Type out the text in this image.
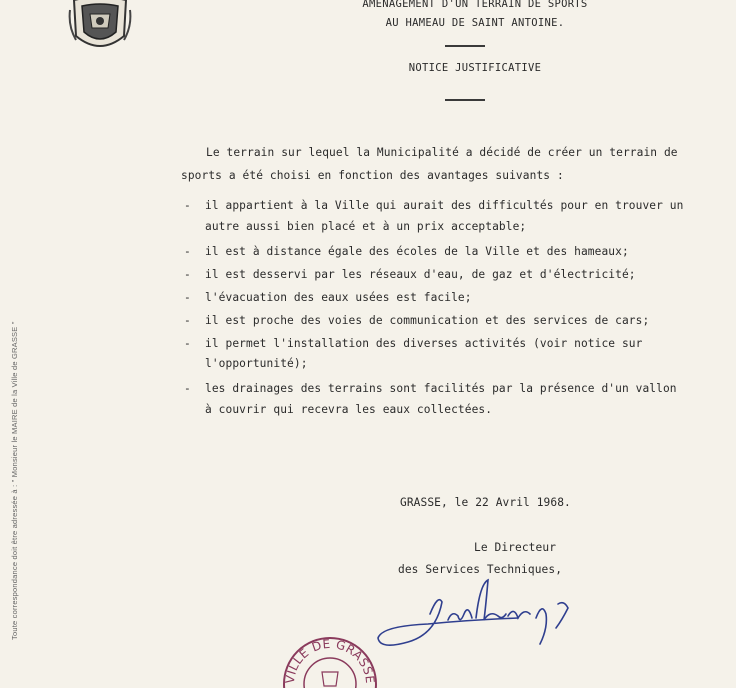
Toute correspondance doit être adressée à : " Monsieur le MAIRE de la Ville de GRASSE "
AMENAGEMENT D'UN TERRAIN DE SPORTS
AU HAMEAU DE SAINT ANTOINE.
NOTICE JUSTIFICATIVE
Le terrain sur lequel la Municipalité a décidé de créer un terrain de
sports a été choisi en fonction des avantages suivants :
- il appartient à la Ville qui aurait des difficultés pour en trouver un
autre aussi bien placé et à un prix acceptable;
- il est à distance égale des écoles de la Ville et des hameaux;
- il est desservi par les réseaux d'eau, de gaz et d'électricité;
- l'évacuation des eaux usées est facile;
- il est proche des voies de communication et des services de cars;
- il permet l'installation des diverses activités (voir notice sur
l'opportunité);
- les drainages des terrains sont facilités par la présence d'un vallon
à couvrir qui recevra les eaux collectées.
GRASSE, le 22 Avril 1968.
Le Directeur
des Services Techniques,
VILLE DE GRASSE
